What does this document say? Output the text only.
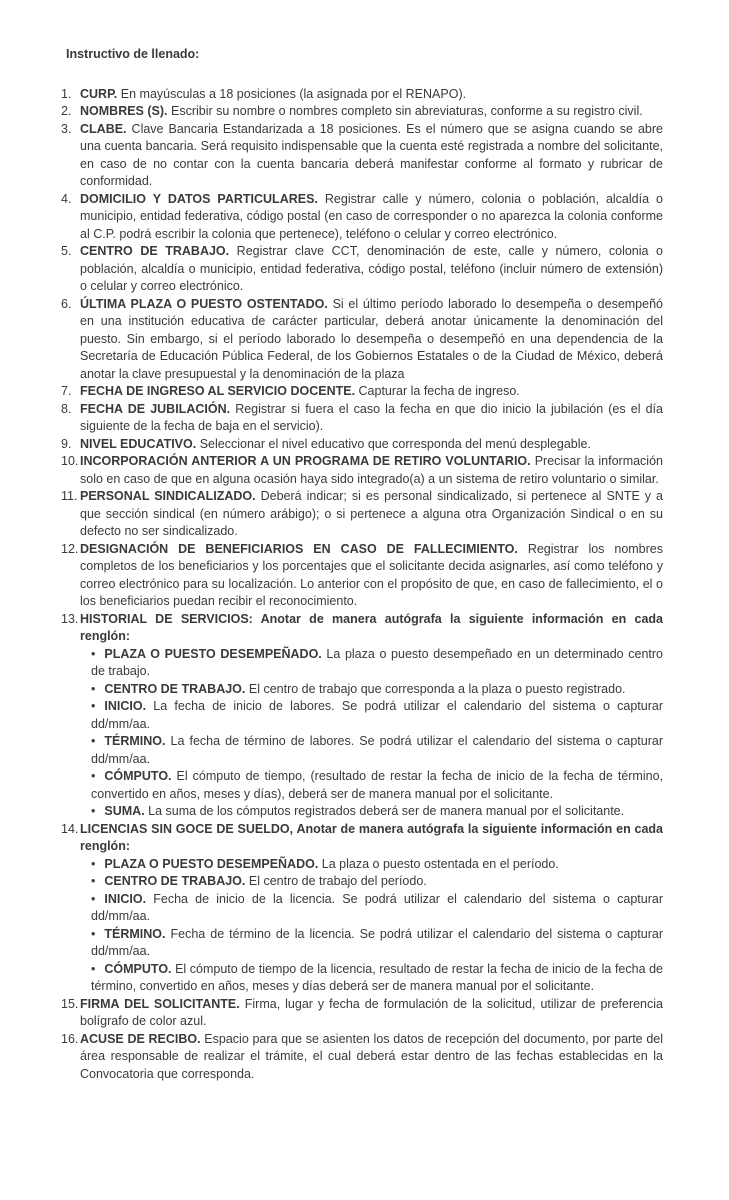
Instructivo de llenado:
1. CURP. En mayúsculas a 18 posiciones (la asignada por el RENAPO).

2. NOMBRES (S). Escribir su nombre o nombres completo sin abreviaturas, conforme a su registro civil.

3. CLABE. Clave Bancaria Estandarizada a 18 posiciones. Es el número que se asigna cuando se abre una cuenta bancaria. Será requisito indispensable que la cuenta esté registrada a nombre del solicitante, en caso de no contar con la cuenta bancaria deberá manifestar conforme al formato y rubricar de conformidad.

4. DOMICILIO Y DATOS PARTICULARES. Registrar calle y número, colonia o población, alcaldía o municipio, entidad federativa, código postal (en caso de corresponder o no aparezca la colonia conforme al C.P. podrá escribir la colonia que pertenece), teléfono o celular y correo electrónico.

5. CENTRO DE TRABAJO. Registrar clave CCT, denominación de este, calle y número, colonia o población, alcaldía o municipio, entidad federativa, código postal, teléfono (incluir número de extensión) o celular y correo electrónico.

6. ÚLTIMA PLAZA O PUESTO OSTENTADO. Si el último período laborado lo desempeña o desempeñó en una institución educativa de carácter particular, deberá anotar únicamente la denominación del puesto. Sin embargo, si el período laborado lo desempeña o desempeñó en una dependencia de la Secretaría de Educación Pública Federal, de los Gobiernos Estatales o de la Ciudad de México, deberá anotar la clave presupuestal y la denominación de la plaza

7. FECHA DE INGRESO AL SERVICIO DOCENTE. Capturar la fecha de ingreso.

8. FECHA DE JUBILACIÓN. Registrar si fuera el caso la fecha en que dio inicio la jubilación (es el día siguiente de la fecha de baja en el servicio).

9. NIVEL EDUCATIVO. Seleccionar el nivel educativo que corresponda del menú desplegable.

10. INCORPORACIÓN ANTERIOR A UN PROGRAMA DE RETIRO VOLUNTARIO. Precisar la información solo en caso de que en alguna ocasión haya sido integrado(a) a un sistema de retiro voluntario o similar.

11. PERSONAL SINDICALIZADO. Deberá indicar; si es personal sindicalizado, si pertenece al SNTE y a que sección sindical (en número arábigo); o si pertenece a alguna otra Organización Sindical o en su defecto no ser sindicalizado.

12. DESIGNACIÓN DE BENEFICIARIOS EN CASO DE FALLECIMIENTO. Registrar los nombres completos de los beneficiarios y los porcentajes que el solicitante decida asignarles, así como teléfono y correo electrónico para su localización. Lo anterior con el propósito de que, en caso de fallecimiento, el o los beneficiarios puedan recibir el reconocimiento.

13. HISTORIAL DE SERVICIOS: Anotar de manera autógrafa la siguiente información en cada renglón:

• PLAZA O PUESTO DESEMPEÑADO. La plaza o puesto desempeñado en un determinado centro de trabajo.
• CENTRO DE TRABAJO. El centro de trabajo que corresponda a la plaza o puesto registrado.
• INICIO. La fecha de inicio de labores. Se podrá utilizar el calendario del sistema o capturar dd/mm/aa.
• TÉRMINO. La fecha de término de labores. Se podrá utilizar el calendario del sistema o capturar dd/mm/aa.
• CÓMPUTO. El cómputo de tiempo, (resultado de restar la fecha de inicio de la fecha de término, convertido en años, meses y días), deberá ser de manera manual por el solicitante.
• SUMA. La suma de los cómputos registrados deberá ser de manera manual por el solicitante.
14. LICENCIAS SIN GOCE DE SUELDO, Anotar de manera autógrafa la siguiente información en cada renglón:

• PLAZA O PUESTO DESEMPEÑADO. La plaza o puesto ostentada en el período.
• CENTRO DE TRABAJO. El centro de trabajo del período.
• INICIO. Fecha de inicio de la licencia. Se podrá utilizar el calendario del sistema o capturar dd/mm/aa.
• TÉRMINO. Fecha de término de la licencia. Se podrá utilizar el calendario del sistema o capturar dd/mm/aa.
• CÓMPUTO. El cómputo de tiempo de la licencia, resultado de restar la fecha de inicio de la fecha de término, convertido en años, meses y días deberá ser de manera manual por el solicitante.
15. FIRMA DEL SOLICITANTE. Firma, lugar y fecha de formulación de la solicitud, utilizar de preferencia bolígrafo de color azul.

16. ACUSE DE RECIBO. Espacio para que se asienten los datos de recepción del documento, por parte del área responsable de realizar el trámite, el cual deberá estar dentro de las fechas establecidas en la Convocatoria que corresponda.
